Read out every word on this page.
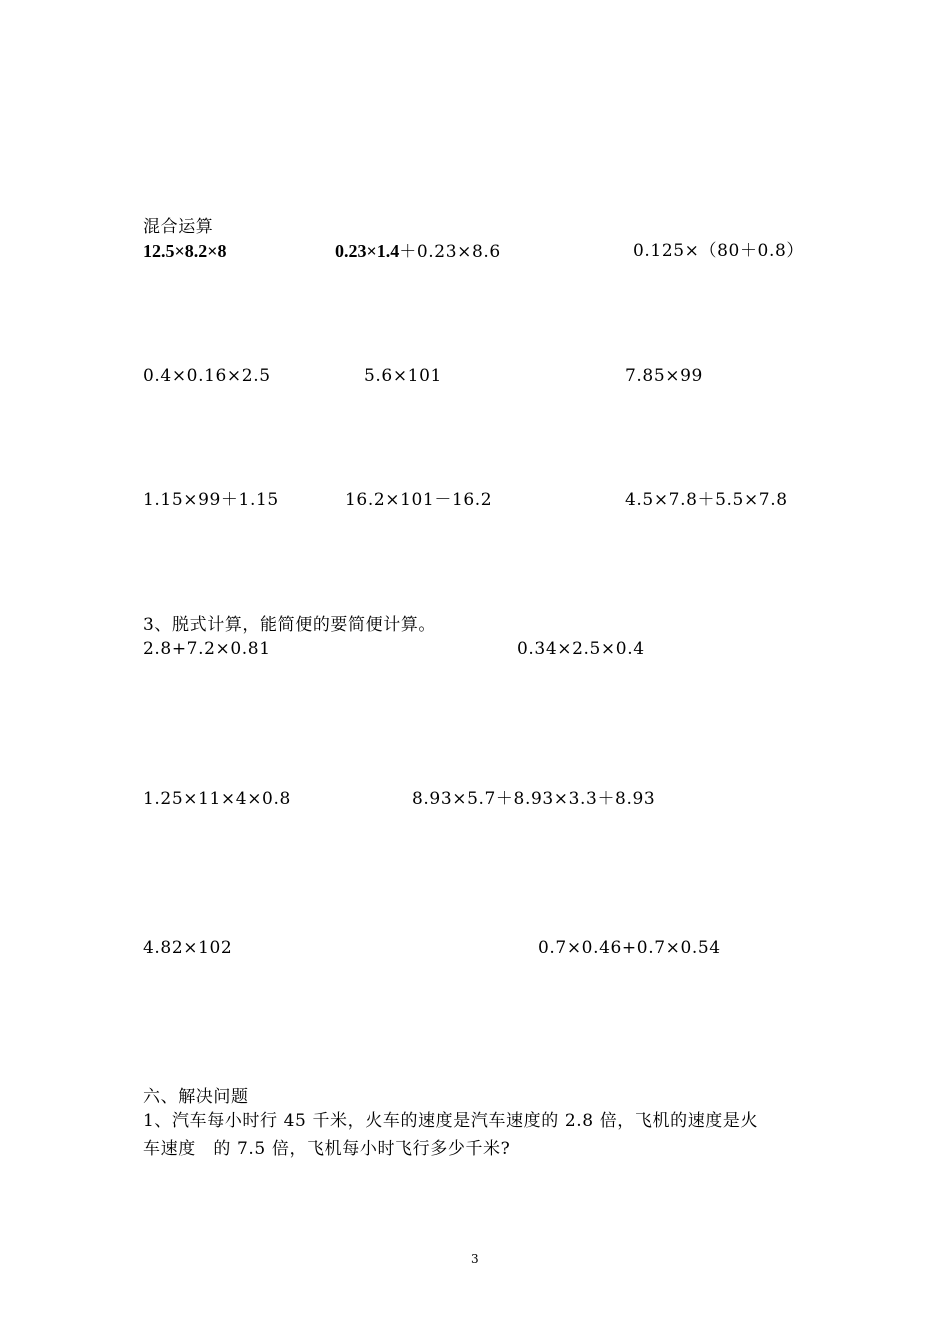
混合运算
12.5×8.2×8	0.23×1.4＋0.23×8.6	0.125×（80＋0.8）
0.4×0.16×2.5	5.6×101	7.85×99
1.15×99＋1.15	16.2×101－16.2	4.5×7.8＋5.5×7.8
3、脱式计算，能简便的要简便计算。
2.8+7.2×0.81	0.34×2.5×0.4
1.25×11×4×0.8	8.93×5.7＋8.93×3.3＋8.93
4.82×102	0.7×0.46+0.7×0.54
六、解决问题
1、汽车每小时行 45 千米，火车的速度是汽车速度的 2.8 倍，飞机的速度是火
车速度　的 7.5 倍，飞机每小时飞行多少千米?
3
